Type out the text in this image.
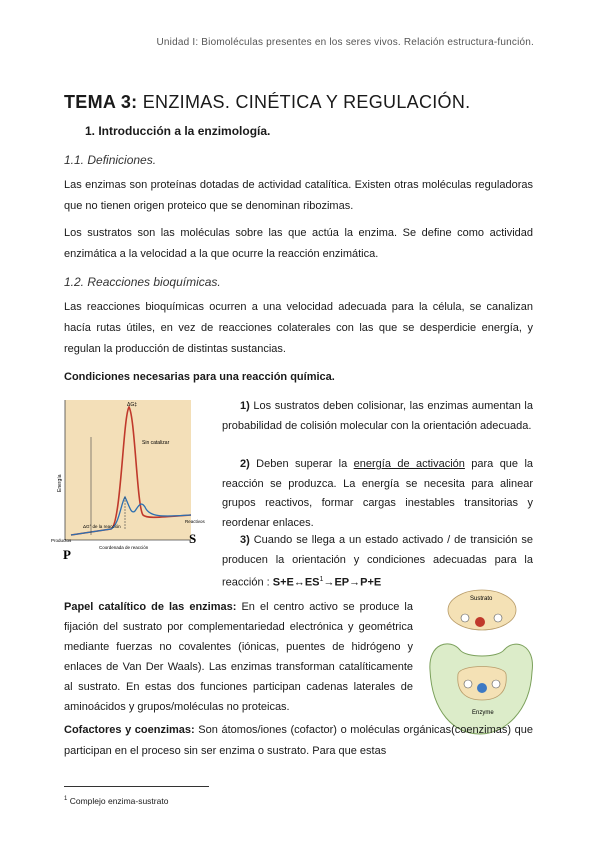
Unidad I: Biomoléculas presentes en los seres vivos. Relación estructura-función.
TEMA 3: ENZIMAS. CINÉTICA Y REGULACIÓN.
1. Introducción a la enzimología.
1.1. Definiciones.

Las enzimas son proteínas dotadas de actividad catalítica. Existen otras moléculas reguladoras que no tienen origen proteico que se denominan ribozimas.

Los sustratos son las moléculas sobre las que actúa la enzima. Se define como actividad enzimática a la velocidad a la que ocurre la reacción enzimática.

1.2. Reacciones bioquímicas.

Las reacciones bioquímicas ocurren a una velocidad adecuada para la célula, se canalizan hacía rutas útiles, en vez de reacciones colaterales con las que se desperdicie energía, y regulan la producción de distintas sustancias.

Condiciones necesarias para una reacción química.
Sin catalizar
ΔG‡
Energía
ΔG° de la reacción
Coordenada de reacción
Productos
Reactivos
P
S

1) Los sustratos deben colisionar, las enzimas aumentan la probabilidad de colisión molecular con la orientación adecuada.

2) Deben superar la energía de activación para que la reacción se produzca. La energía se necesita para alinear grupos reactivos, formar cargas inestables transitorias y reordenar enlaces.

3) Cuando se llega a un estado activado / de transición se producen la orientación y condiciones adecuadas para la reacción : $S+E\leftrightarrow ES^1\to EP\to P+E$

Sustrato
Enzyme

Papel catalítico de las enzimas: En el centro activo se produce la fijación del sustrato por complementariedad electrónica y geométrica mediante fuerzas no covalentes (iónicas, puentes de hidrógeno y enlaces de Van Der Waals). Las enzimas transforman catalíticamente al sustrato. En estas dos funciones participan cadenas laterales de aminoácidos y grupos/moléculas no proteicas.

Cofactores y coenzimas: Son átomos/iones (cofactor) o moléculas orgánicas(coenzimas) que participan en el proceso sin ser enzima o sustrato. Para que estas

$^1$ Complejo enzima-sustrato
